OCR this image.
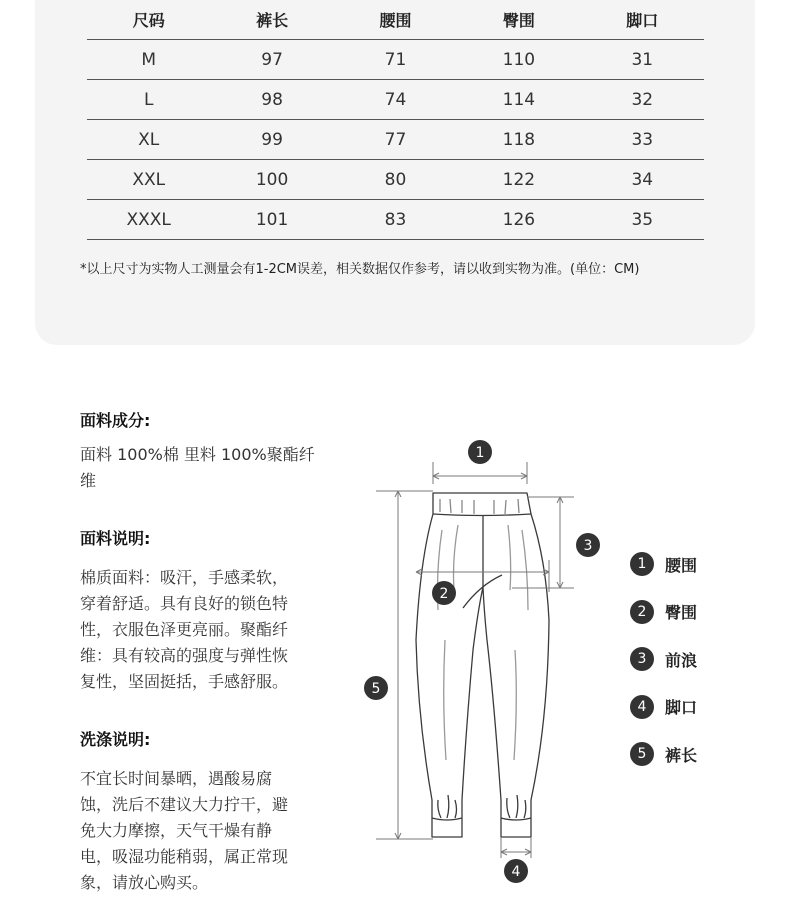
尺码	裤长	腰围	臀围	脚口
M	97	71	110	31
L	98	74	114	32
XL	99	77	118	33
XXL	100	80	122	34
XXXL	101	83	126	35
*以上尺寸为实物人工测量会有1-2CM误差，相关数据仅作参考，请以收到实物为准。(单位：CM)
面料成分:
面料 100%棉 里料 100%聚酯纤
维
面料说明:
棉质面料：吸汗，手感柔软，
穿着舒适。具有良好的锁色特
性，衣服色泽更亮丽。聚酯纤
维：具有较高的强度与弹性恢
复性，坚固挺括，手感舒服。
洗涤说明:
不宜长时间暴晒，遇酸易腐
蚀，洗后不建议大力拧干，避
免大力摩擦，天气干燥有静
电，吸湿功能稍弱，属正常现
象，请放心购买。
1
2
3
4
5
1	腰围
2	臀围
3	前浪
4	脚口
5	裤长
